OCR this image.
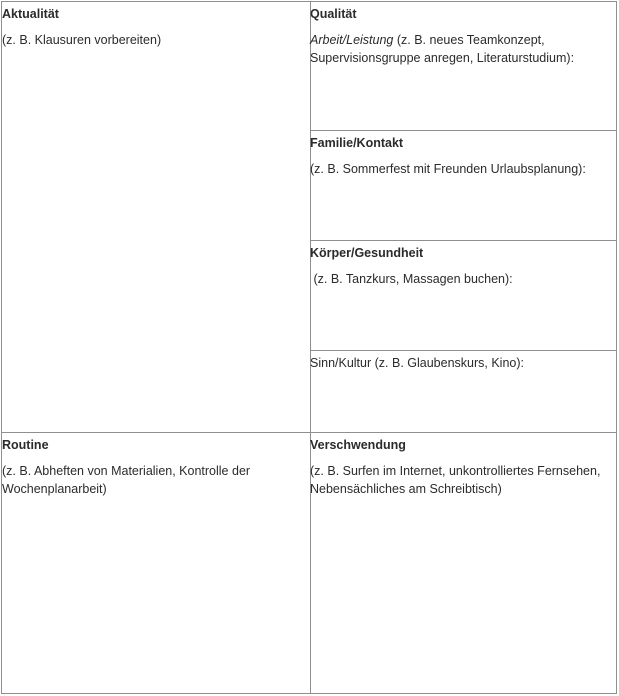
Aktualität
(z. B. Klausuren vorbereiten)
Qualität
Arbeit/Leistung (z. B. neues Teamkonzept, Supervisionsgruppe anregen, Literaturstudium):
Familie/Kontakt
(z. B. Sommerfest mit Freunden Urlaubsplanung):
Körper/Gesundheit
(z. B. Tanzkurs, Massagen buchen):
Sinn/Kultur (z. B. Glaubenskurs, Kino):
Routine
(z. B. Abheften von Materialien, Kontrolle der Wochenplanarbeit)
Verschwendung
(z. B. Surfen im Internet, unkontrolliertes Fernsehen, Nebensächliches am Schreibtisch)
